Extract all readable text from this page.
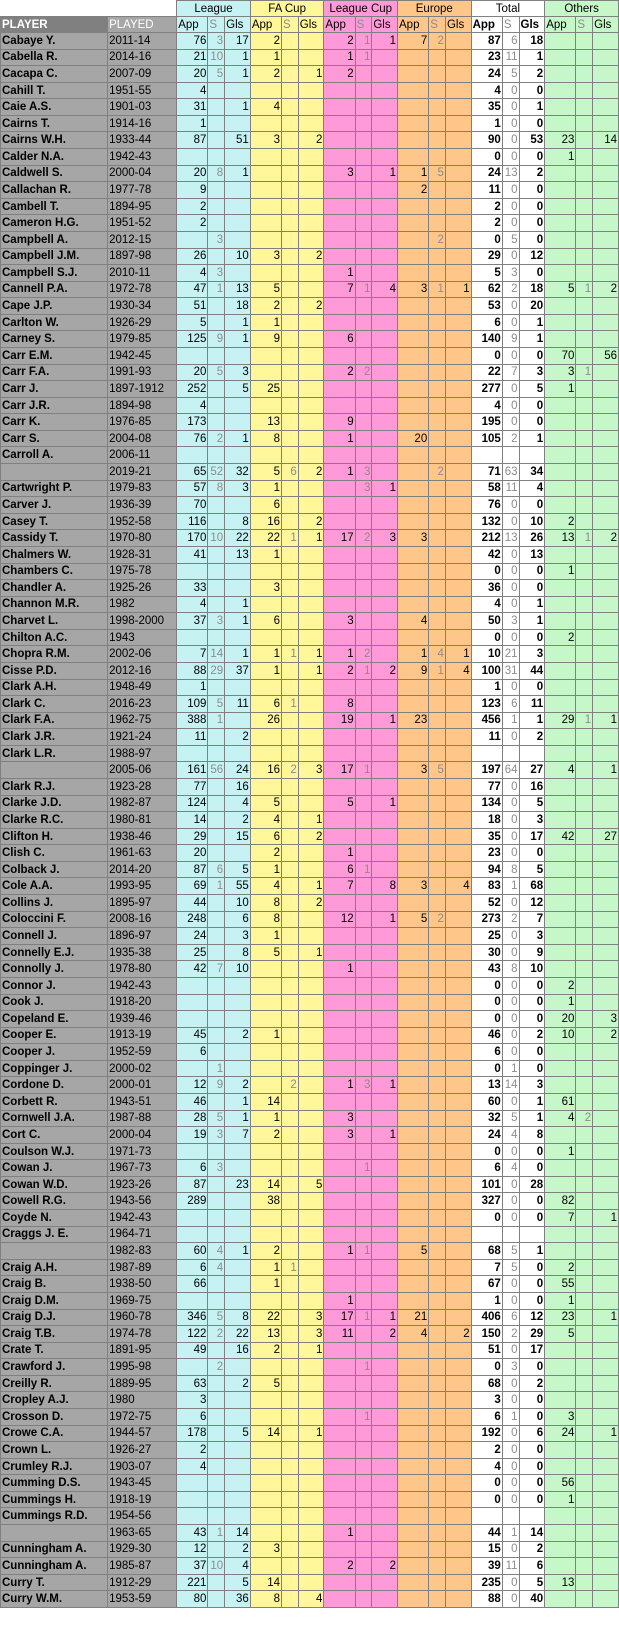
		League			FA Cup			League Cup			Europe			Total			Others		
PLAYER	PLAYED	App	S	Gls	App	S	Gls	App	S	Gls	App	S	Gls	App	S	Gls	App	S	Gls
Cabaye Y.	2011-14	76	3	17	2			2	1	1	7	2		87	6	18			
Cabella R.	2014-16	21	10	1	1			1	1					23	11	1			
Cacapa C.	2007-09	20	5	1	2		1	2						24	5	2			
Cahill T.	1951-55	4												4	0	0			
Caie A.S.	1901-03	31		1	4									35	0	1			
Cairns T.	1914-16	1												1	0	0			
Cairns W.H.	1933-44	87		51	3		2							90	0	53	23		14
Calder N.A.	1942-43													0	0	0	1		
Caldwell S.	2000-04	20	8	1				3		1	1	5		24	13	2			
Callachan R.	1977-78	9									2			11	0	0			
Cambell T.	1894-95	2												2	0	0			
Cameron H.G.	1951-52	2												2	0	0			
Campbell A.	2012-15		3									2		0	5	0			
Campbell J.M.	1897-98	26		10	3		2							29	0	12			
Campbell S.J.	2010-11	4	3					1						5	3	0			
Cannell P.A.	1972-78	47	1	13	5			7	1	4	3	1	1	62	2	18	5	1	2
Cape J.P.	1930-34	51		18	2		2							53	0	20			
Carlton W.	1926-29	5		1	1									6	0	1			
Carney S.	1979-85	125	9	1	9			6						140	9	1			
Carr E.M.	1942-45													0	0	0	70		56
Carr F.A.	1991-93	20	5	3				2	2					22	7	3	3	1	
Carr J.	1897-1912	252		5	25									277	0	5	1		
Carr J.R.	1894-98	4												4	0	0			
Carr K.	1976-85	173			13			9						195	0	0			
Carr S.	2004-08	76	2	1	8			1			20			105	2	1			
Carroll A.	2006-11																		
	2019-21	65	52	32	5	6	2	1	3			2		71	63	34			
Cartwright P.	1979-83	57	8	3	1				3	1				58	11	4			
Carver J.	1936-39	70			6									76	0	0			
Casey T.	1952-58	116		8	16		2							132	0	10	2		
Cassidy T.	1970-80	170	10	22	22	1	1	17	2	3	3			212	13	26	13	1	2
Chalmers W.	1928-31	41		13	1									42	0	13			
Chambers C.	1975-78													0	0	0	1		
Chandler A.	1925-26	33			3									36	0	0			
Channon M.R.	1982	4		1										4	0	1			
Charvet L.	1998-2000	37	3	1	6			3			4			50	3	1			
Chilton A.C.	1943													0	0	0	2		
Chopra R.M.	2002-06	7	14	1	1	1	1	1	2		1	4	1	10	21	3			
Cisse P.D.	2012-16	88	29	37	1		1	2	1	2	9	1	4	100	31	44			
Clark A.H.	1948-49	1												1	0	0			
Clark C.	2016-23	109	5	11	6	1		8						123	6	11			
Clark F.A.	1962-75	388	1		26			19		1	23			456	1	1	29	1	1
Clark J.R.	1921-24	11		2										11	0	2			
Clark L.R.	1988-97																		
	2005-06	161	56	24	16	2	3	17	1		3	5		197	64	27	4		1
Clark R.J.	1923-28	77		16										77	0	16			
Clarke J.D.	1982-87	124		4	5			5		1				134	0	5			
Clarke R.C.	1980-81	14		2	4		1							18	0	3			
Clifton H.	1938-46	29		15	6		2							35	0	17	42		27
Clish C.	1961-63	20			2			1						23	0	0			
Colback J.	2014-20	87	6	5	1			6	1					94	8	5			
Cole A.A.	1993-95	69	1	55	4		1	7		8	3		4	83	1	68			
Collins J.	1895-97	44		10	8		2							52	0	12			
Coloccini F.	2008-16	248		6	8			12		1	5	2		273	2	7			
Connell J.	1896-97	24		3	1									25	0	3			
Connelly E.J.	1935-38	25		8	5		1							30	0	9			
Connolly J.	1978-80	42	7	10				1						43	8	10			
Connor J.	1942-43													0	0	0	2		
Cook J.	1918-20													0	0	0	1		
Copeland E.	1939-46													0	0	0	20		3
Cooper E.	1913-19	45		2	1									46	0	2	10		2
Cooper J.	1952-59	6												6	0	0			
Coppinger J.	2000-02		1											0	1	0			
Cordone D.	2000-01	12	9	2		2		1	3	1				13	14	3			
Corbett R.	1943-51	46		1	14									60	0	1	61		
Cornwell J.A.	1987-88	28	5	1	1			3						32	5	1	4	2	
Cort C.	2000-04	19	3	7	2			3		1				24	4	8			
Coulson W.J.	1971-73													0	0	0	1		
Cowan J.	1967-73	6	3						1					6	4	0			
Cowan W.D.	1923-26	87		23	14		5							101	0	28			
Cowell R.G.	1943-56	289			38									327	0	0	82		
Coyde N.	1942-43													0	0	0	7		1
Craggs J. E.	1964-71																		
	1982-83	60	4	1	2			1	1		5			68	5	1			
Craig A.H.	1987-89	6	4		1	1								7	5	0	2		
Craig B.	1938-50	66			1									67	0	0	55		
Craig D.M.	1969-75							1						1	0	0	1		
Craig D.J.	1960-78	346	5	8	22		3	17	1	1	21			406	6	12	23		1
Craig T.B.	1974-78	122	2	22	13		3	11		2	4		2	150	2	29	5		
Crate T.	1891-95	49		16	2		1							51	0	17			
Crawford J.	1995-98		2						1					0	3	0			
Creilly R.	1889-95	63		2	5									68	0	2			
Cropley A.J.	1980	3												3	0	0			
Crosson D.	1972-75	6							1					6	1	0	3		
Crowe C.A.	1944-57	178		5	14		1							192	0	6	24		1
Crown L.	1926-27	2												2	0	0			
Crumley R.J.	1903-07	4												4	0	0			
Cumming D.S.	1943-45													0	0	0	56		
Cummings H.	1918-19													0	0	0	1		
Cummings R.D.	1954-56																		
	1963-65	43	1	14				1						44	1	14			
Cunningham A.	1929-30	12		2	3									15	0	2			
Cunningham A.	1985-87	37	10	4				2		2				39	11	6			
Curry T.	1912-29	221		5	14									235	0	5	13		
Curry W.M.	1953-59	80		36	8		4							88	0	40			
